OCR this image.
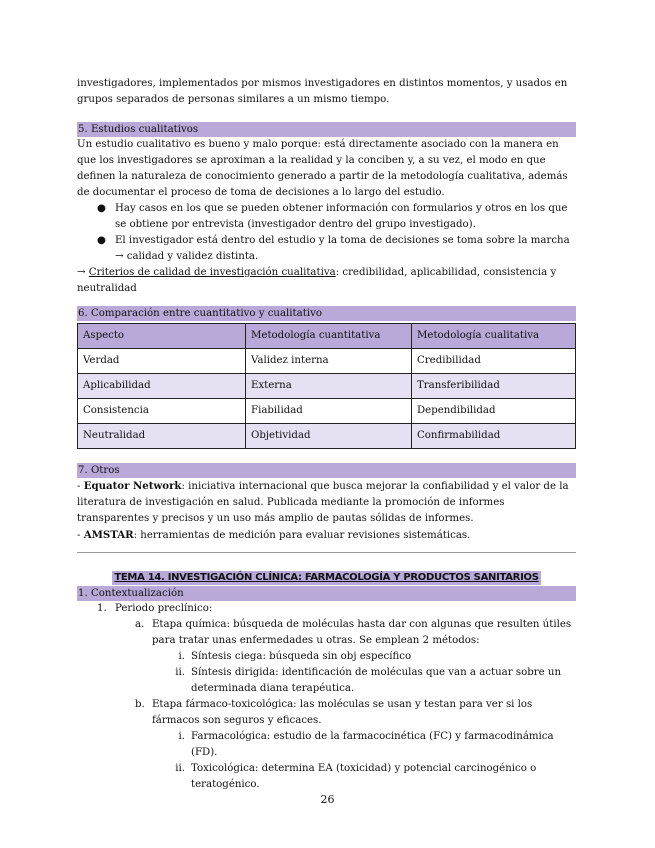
investigadores, implementados por mismos investigadores en distintos momentos, y usados en grupos separados de personas similares a un mismo tiempo.

5. Estudios cualitativos

Un estudio cualitativo es bueno y malo porque: está directamente asociado con la manera en que los investigadores se aproximan a la realidad y la conciben y, a su vez, el modo en que definen la naturaleza de conocimiento generado a partir de la metodología cualitativa, además de documentar el proceso de toma de decisiones a lo largo del estudio.

● Hay casos en los que se pueden obtener información con formularios y otros en los que se obtiene por entrevista (investigador dentro del grupo investigado).
● El investigador está dentro del estudio y la toma de decisiones se toma sobre la marcha → calidad y validez distinta.

→ Criterios de calidad de investigación cualitativa: credibilidad, aplicabilidad, consistencia y neutralidad

6. Comparación entre cuantitativo y cualitativo
Aspecto	Metodología cuantitativa	Metodología cualitativa
Verdad	Validez interna	Credibilidad
Aplicabilidad	Externa	Transferibilidad
Consistencia	Fiabilidad	Dependibilidad
Neutralidad	Objetividad	Confirmabilidad
7. Otros

- Equator Network: iniciativa internacional que busca mejorar la confiabilidad y el valor de la literatura de investigación en salud. Publicada mediante la promoción de informes transparentes y precisos y un uso más amplio de pautas sólidas de informes.

- AMSTAR: herramientas de medición para evaluar revisiones sistemáticas.

TEMA 14. INVESTIGACIÓN CLÍNICA: FARMACOLOGÍA Y PRODUCTOS SANITARIOS
1. Contextualización
1. Periodo preclínico:
a. Etapa química: búsqueda de moléculas hasta dar con algunas que resulten útiles para tratar unas enfermedades u otras. Se emplean 2 métodos:
i. Síntesis ciega: búsqueda sin obj específico
ii. Síntesis dirigida: identificación de moléculas que van a actuar sobre un determinada diana terapéutica.
b. Etapa fármaco-toxicológica: las moléculas se usan y testan para ver si los fármacos son seguros y eficaces.
i. Farmacológica: estudio de la farmacocinética (FC) y farmacodinámica (FD).
ii. Toxicológica: determina EA (toxicidad) y potencial carcinogénico o teratogénico.
26
